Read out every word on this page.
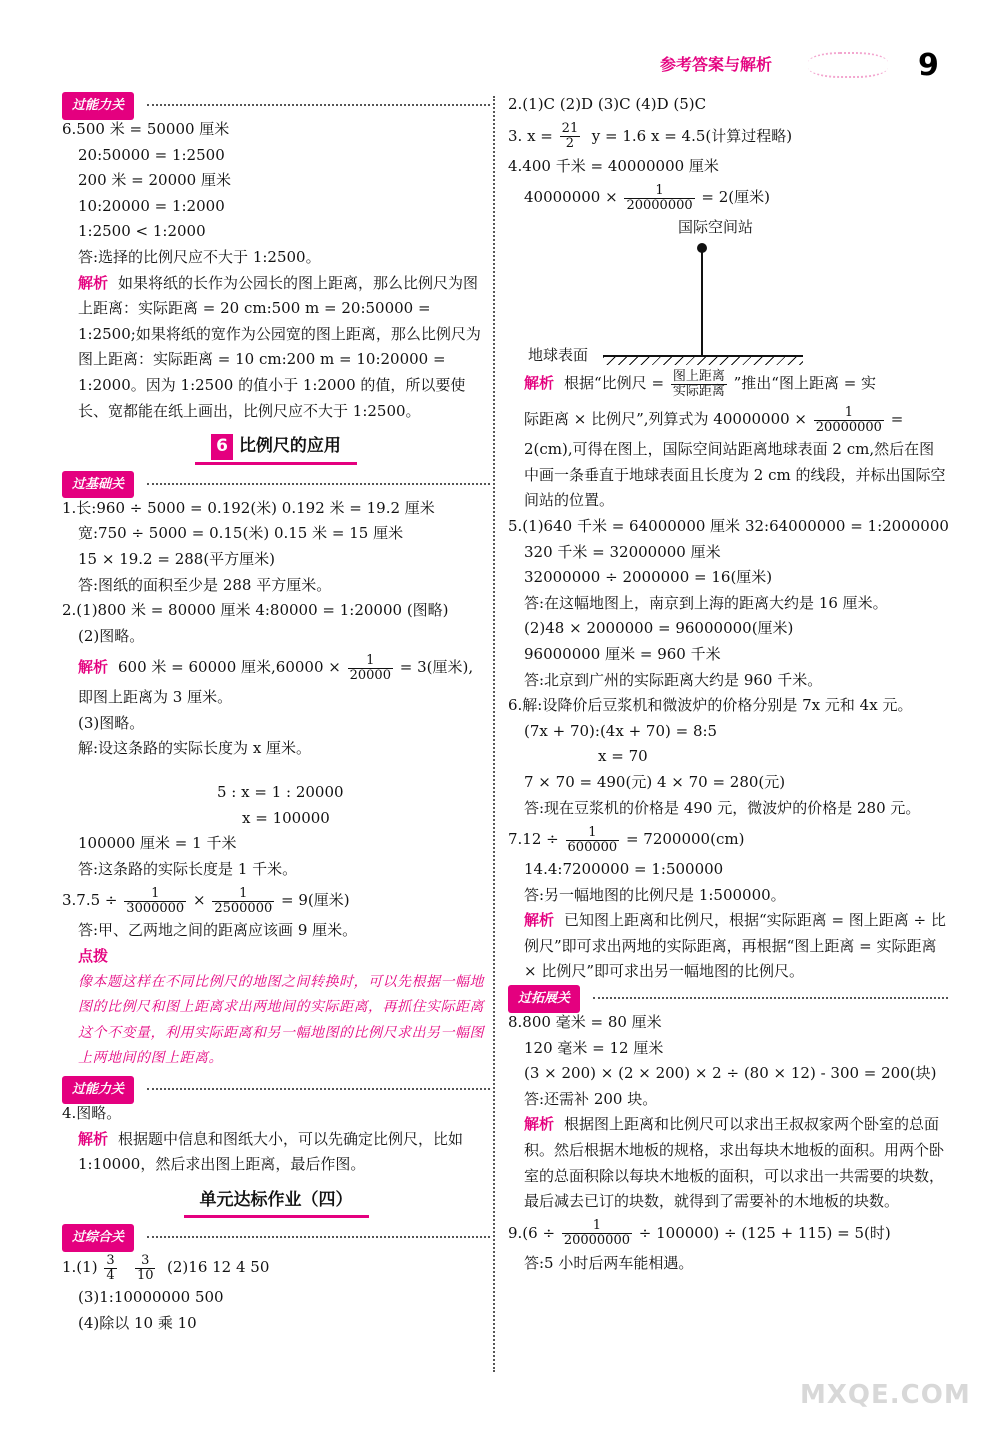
参考答案与解析	9
过能力关
6.500 米 = 50000 厘米
20:50000 = 1:2500
200 米 = 20000 厘米
10:20000 = 1:2000
1:2500 < 1:2000
答:选择的比例尺应不大于 1:2500。
解析 如果将纸的长作为公园长的图上距离，那么比例尺为图上距离：实际距离 = 20 cm:500 m = 20:50000 = 1:2500;如果将纸的宽作为公园宽的图上距离，那么比例尺为图上距离：实际距离 = 10 cm:200 m = 10:20000 = 1:2000。因为 1:2500 的值小于 1:2000 的值，所以要使长、宽都能在纸上画出，比例尺应不大于 1:2500。
6 比例尺的应用
过基础关
1.长:960 ÷ 5000 = 0.192(米) 0.192 米 = 19.2 厘米
宽:750 ÷ 5000 = 0.15(米) 0.15 米 = 15 厘米
15 × 19.2 = 288(平方厘米)
答:图纸的面积至少是 288 平方厘米。
2.(1)800 米 = 80000 厘米 4:80000 = 1:20000 (图略)
(2)图略。
解析 600 米 = 60000 厘米$,60000 \times \frac{1}{20000} = 3$(厘米),
即图上距离为 3 厘米。
(3)图略。
解:设这条路的实际长度为 x 厘米。
5 : x = 1 : 20000
x = 100000
100000 厘米 = 1 千米
答:这条路的实际长度是 1 千米。
$3.7.5 \div \frac{1}{3000000} \times \frac{1}{2500000} = 9$(厘米)
答:甲、乙两地之间的距离应该画 9 厘米。
点拨
像本题这样在不同比例尺的地图之间转换时，可以先根据一幅地图的比例尺和图上距离求出两地间的实际距离，再抓住实际距离这个不变量，利用实际距离和另一幅地图的比例尺求出另一幅图上两地间的图上距离。
过能力关
4.图略。
解析 根据题中信息和图纸大小，可以先确定比例尺，比如 1:10000，然后求出图上距离，最后作图。
单元达标作业（四）
过综合关
$1.(1) \frac{3}{4}$
$\frac{3}{10} (2)16$ 12 4 50
(3)1:10000000 500
(4)除以 10 乘 10
2.(1)C (2)D (3)C (4)D (5)C
3. $x = \frac{21}{2}$ y = 1.6 x = 4.5(计算过程略)
4.400 千米 = 40000000 厘米
$40000000 \times \frac{1}{20000000} = 2$(厘米)
国际空间站
地球表面
解析 根据“比例尺 = $\frac{\text{图上距离}}{\text{实际距离}}$ ”推出“图上距离 = 实
际距离 × 比例尺”,列算式为 $40000000 \times \frac{1}{20000000}$ =
2(cm),可得在图上，国际空间站距离地球表面 2 cm,然后在图中画一条垂直于地球表面且长度为 2 cm 的线段，并标出国际空间站的位置。
5.(1)640 千米 = 64000000 厘米 32:64000000 = 1:2000000
320 千米 = 32000000 厘米
32000000 ÷ 2000000 = 16(厘米)
答:在这幅地图上，南京到上海的距离大约是 16 厘米。
(2)48 × 2000000 = 96000000(厘米)
96000000 厘米 = 960 千米
答:北京到广州的实际距离大约是 960 千米。
6.解:设降价后豆浆机和微波炉的价格分别是 7x 元和 4x 元。
(7x + 70):(4x + 70) = 8:5
x = 70
7 × 70 = 490(元) 4 × 70 = 280(元)
答:现在豆浆机的价格是 490 元，微波炉的价格是 280 元。
$7.12 \div \frac{1}{600000} = 7200000(cm)$
14.4:7200000 = 1:500000
答:另一幅地图的比例尺是 1:500000。
解析 已知图上距离和比例尺，根据“实际距离 = 图上距离 ÷ 比例尺”即可求出两地的实际距离，再根据“图上距离 = 实际距离 × 比例尺”即可求出另一幅地图的比例尺。
过拓展关
8.800 毫米 = 80 厘米
120 毫米 = 12 厘米
(3 × 200) × (2 × 200) × 2 ÷ (80 × 12) - 300 = 200(块)
答:还需补 200 块。
解析 根据图上距离和比例尺可以求出王叔叔家两个卧室的总面积。然后根据木地板的规格，求出每块木地板的面积。用两个卧室的总面积除以每块木地板的面积，可以求出一共需要的块数，最后减去已订的块数，就得到了需要补的木地板的块数。
$9.(6 \div \frac{1}{20000000} \div 100000) \div (125 + 115) = 5$(时)
答:5 小时后两车能相遇。
MXQE.COM
